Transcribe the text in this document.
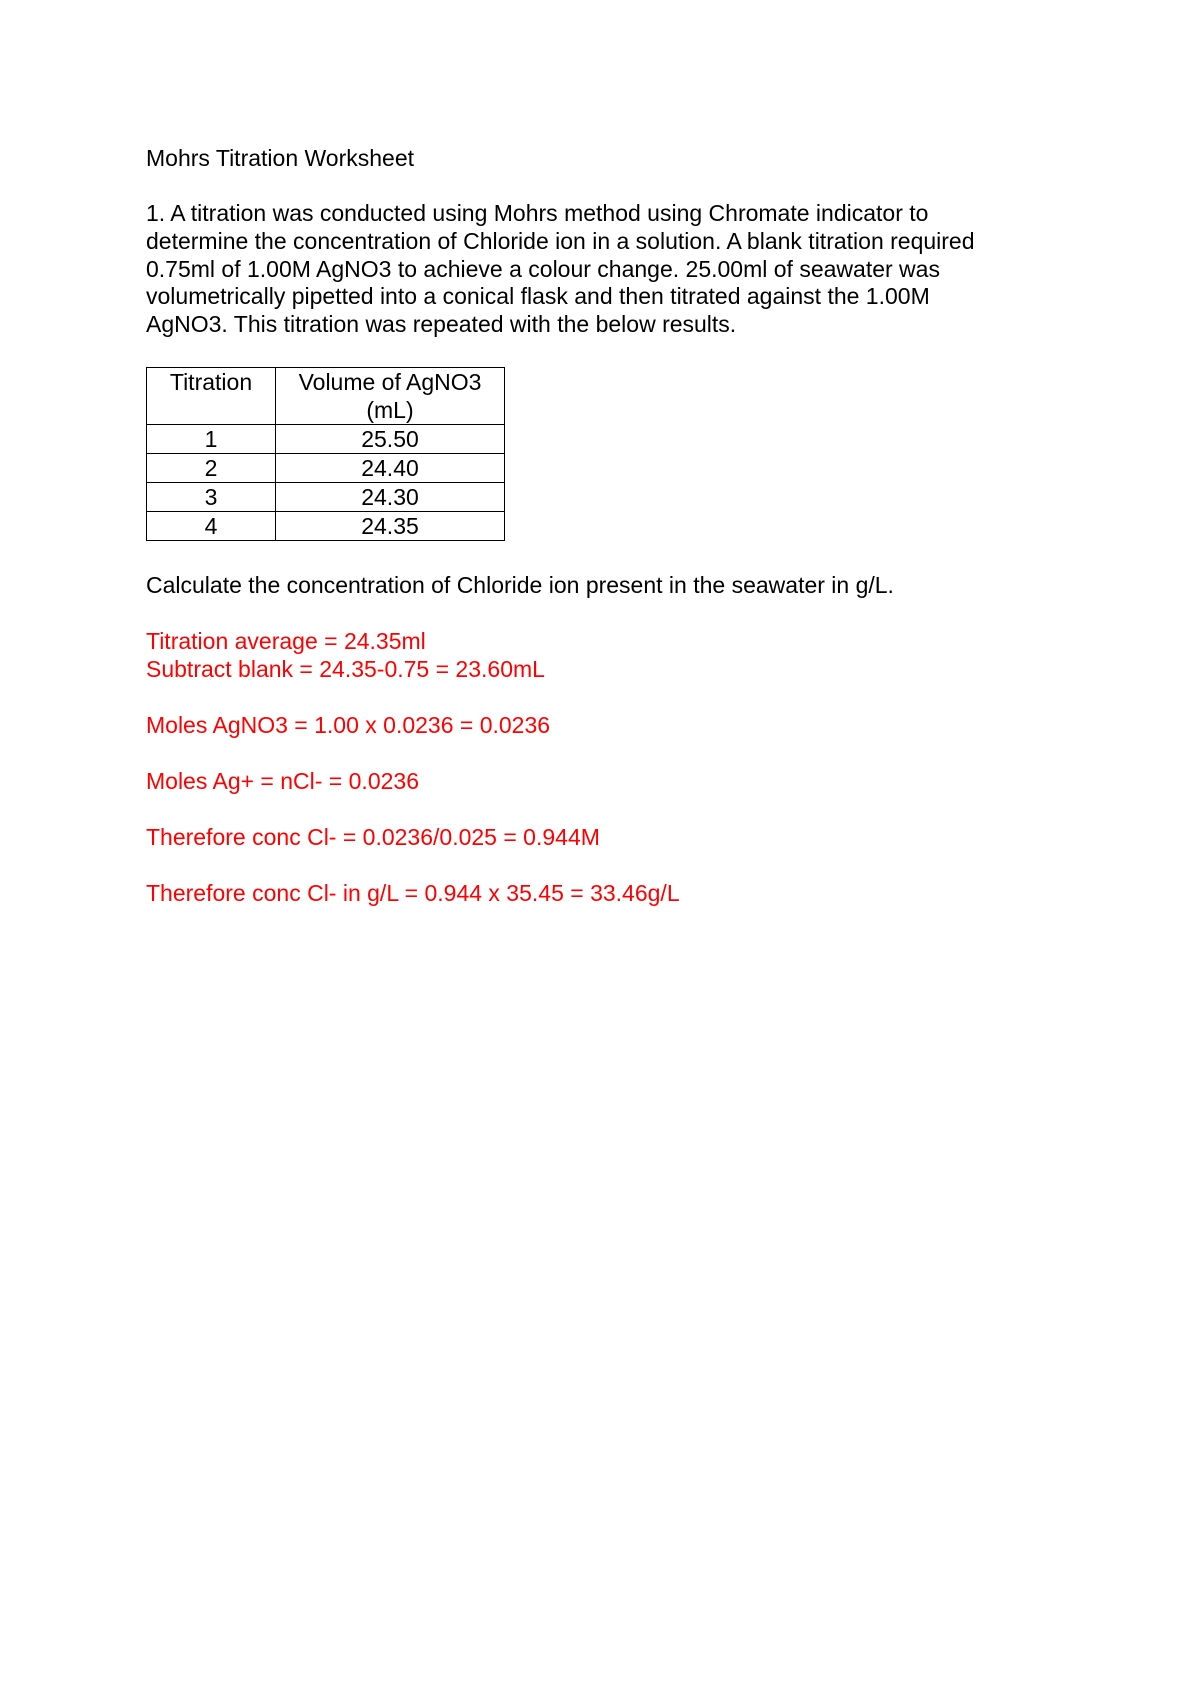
Mohrs Titration Worksheet
1. A titration was conducted using Mohrs method using Chromate indicator to
determine the concentration of Chloride ion in a solution. A blank titration required
0.75ml of 1.00M AgNO3 to achieve a colour change. 25.00ml of seawater was
volumetrically pipetted into a conical flask and then titrated against the 1.00M
AgNO3. This titration was repeated with the below results.
Titration	Volume of AgNO3 (mL)
1	25.50
2	24.40
3	24.30
4	24.35

Calculate the concentration of Chloride ion present in the seawater in g/L.

Titration average = 24.35ml

Subtract blank = 24.35-0.75 = 23.60mL

Moles AgNO3 = 1.00 x 0.0236 = 0.0236

Moles Ag+ = nCl- = 0.0236

Therefore conc Cl- = 0.0236/0.025 = 0.944M

Therefore conc Cl- in g/L = 0.944 x 35.45 = 33.46g/L
